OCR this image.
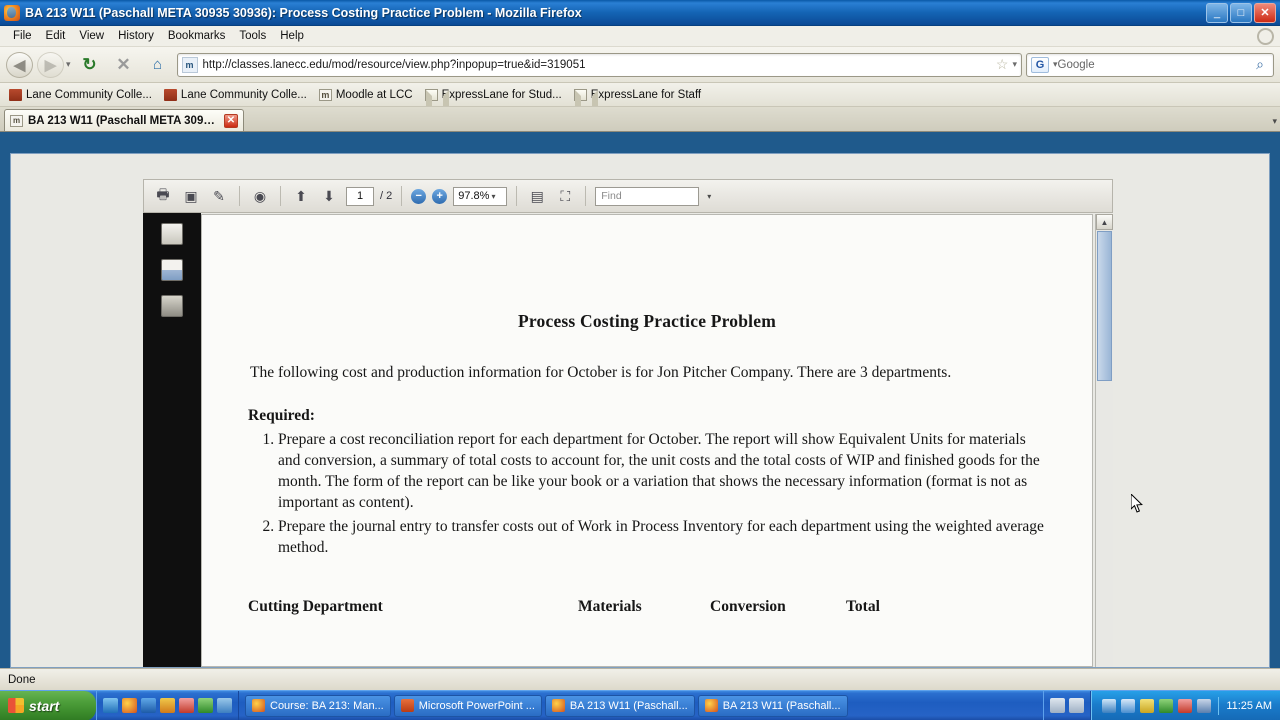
BA 213 W11 (Paschall META 30935 30936): Process Costing Practice Problem - Mozilla Firefox	_	□	✕
File	Edit	View	History	Bookmarks	Tools	Help
◀	▶	▾ ↻	✕	⌂	m http://classes.lanecc.edu/mod/resource/view.php?inpopup=true&id=319051	☆ ▾	G ▾ Google	⌕
Lane Community Colle...	Lane Community Colle... m Moodle at LCC	ExpressLane for Stud...	ExpressLane for Staff
m BA 213 W11 (Paschall META 3093...	✕	▾
🖶	▣	✎	◉	⬆	⬇	1	/ 2	−	+	97.8% ▾	▤	⛶	Find	▾
Process Costing Practice Problem
The following cost and production information for October is for Jon Pitcher Company. There are 3 departments.
Required:
1. Prepare a cost reconciliation report for each department for October. The report will show Equivalent Units for materials and conversion, a summary of total costs to account for, the unit costs and the total costs of WIP and finished goods for the month. The form of the report can be like your book or a variation that shows the necessary information (format is not as important as content).
2. Prepare the journal entry to transfer costs out of Work in Process Inventory for each department using the weighted average method.
Cutting Department	Materials	Conversion	Total
▲
Done
start	Course: BA 213: Man...	Microsoft PowerPoint ...	BA 213 W11 (Paschall...	BA 213 W11 (Paschall...	11:25 AM
